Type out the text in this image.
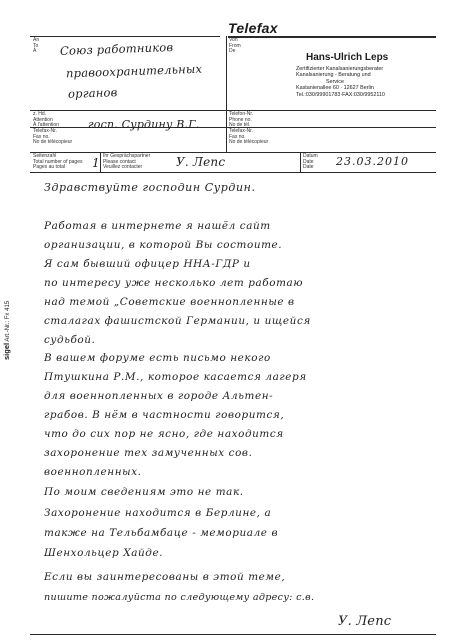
Telefax
Hans-Ulrich Leps
Zertifizierter Kanalsanierungsberater
Kanalsanierung - Beratung und
Service
Kastanienallee 60 · 12627 Berlin
Tel.:030/99901783·FAX:030/9952110
An
To
À
Von
From
De
z. Hd.
Attention
À l'attention
Telefax-Nr.
Fax no.
No de télécopieur
Telefon-Nr.
Phone no.
No de tél.
Telefax-Nr.
Fax no.
No de télécopieur
Seitenzahl
Total number of pages
Pages au total
Ihr Gesprächspartner
Please contact
Veuillez contacter
Datum
Date
Date
Союз работников
правоохранительных
органов
госп. Сурдину В.Г.
1	У. Лепс	23.03.2010
Здравствуйте господин Сурдин.
Работая в интернете я нашёл сайт
организации, в которой Вы состоите.
Я сам бывший офицер ННА-ГДР и
по интересу уже несколько лет работаю
над темой „Советские военнопленные в
сталагах фашистской Германии, и ищейся
судьбой.
В вашем форуме есть письмо некого
Птушкина Р.М., которое касается лагеря
для военнопленных в городе Альтен-
грабов. В нём в частности говорится,
что до сих пор не ясно, где находится
захоронение тех замученных сов.
военнопленных.
По моим сведениям это не так.
Захоронение находится в Берлине, а
также на Тельбамбаце - мемориале в
Шенхольцер Хайде.
Если вы заинтересованы в этой теме,
пишите пожалуйста по следующему адресу: с.в.
У. Лепс
sigel Art.-Nr.: Fx 415
